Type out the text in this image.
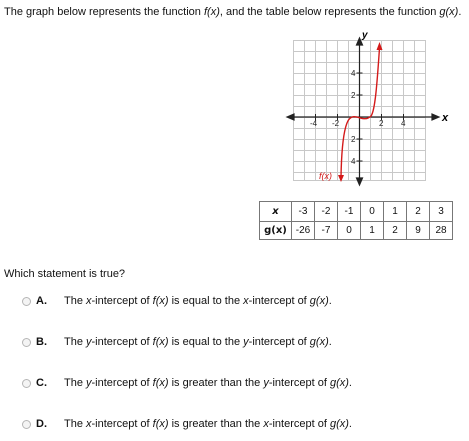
The graph below represents the function f(x), and the table below represents the function g(x).
y
x
4
2
2
4
-4 -2	2 4
f(x)
x	-3	-2	-1	0	1	2	3
g(x)	-26	-7	0	1	2	9	28
Which statement is true?
A.	The x-intercept of f(x) is equal to the x-intercept of g(x).
B.	The y-intercept of f(x) is equal to the y-intercept of g(x).
C.	The y-intercept of f(x) is greater than the y-intercept of g(x).
D.	The x-intercept of f(x) is greater than the x-intercept of g(x).
